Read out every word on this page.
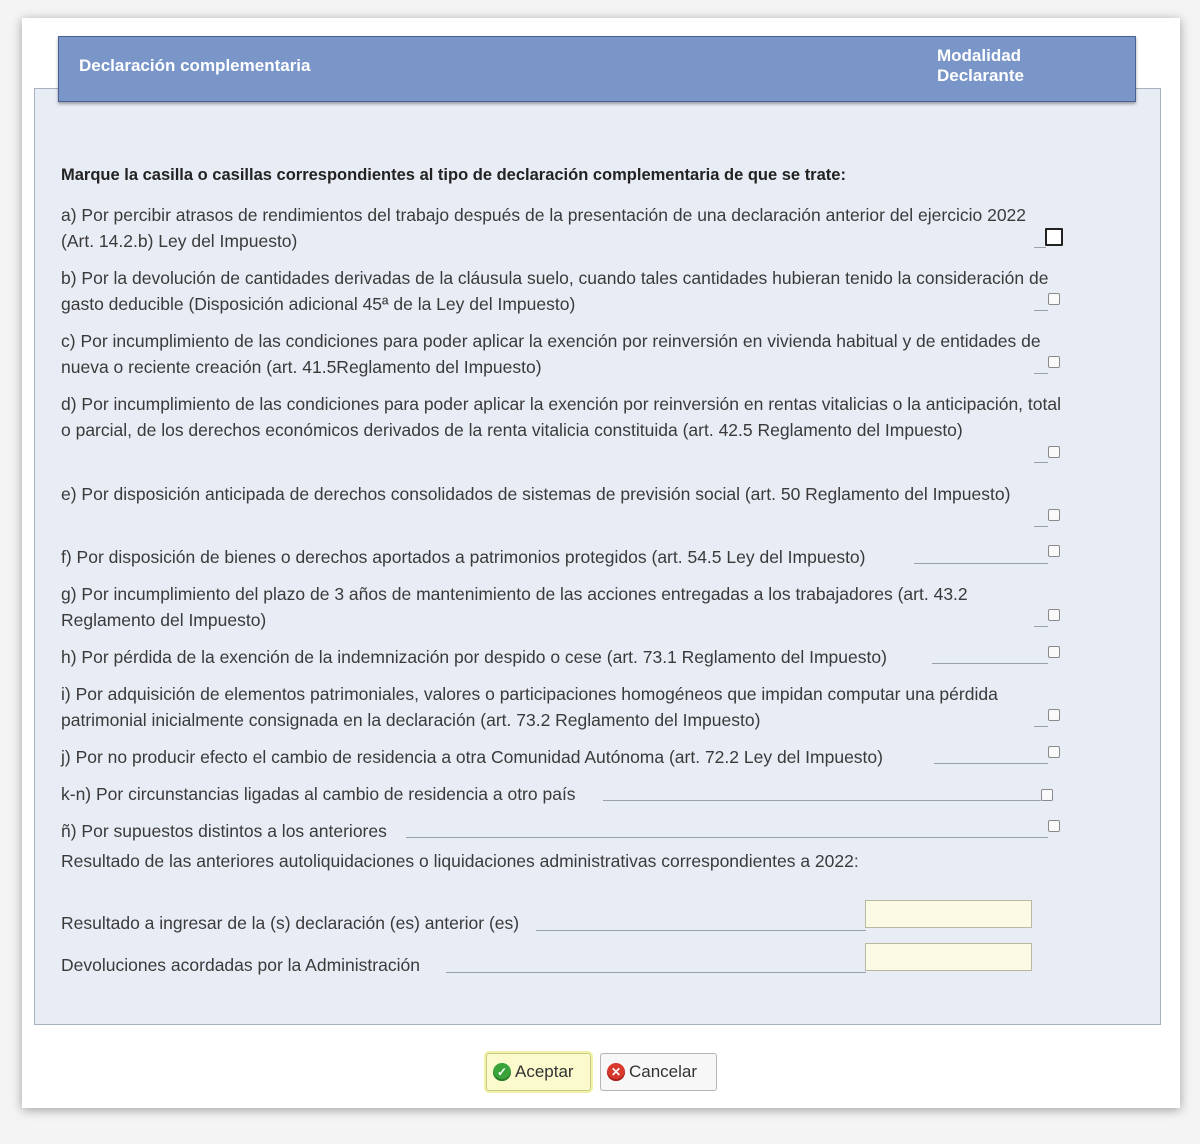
Declaración complementaria
Modalidad
Declarante
Marque la casilla o casillas correspondientes al tipo de declaración complementaria de que se trate:
a) Por percibir atrasos de rendimientos del trabajo después de la presentación de una declaración anterior del ejercicio 2022 (Art. 14.2.b) Ley del Impuesto)
b) Por la devolución de cantidades derivadas de la cláusula suelo, cuando tales cantidades hubieran tenido la consideración de gasto deducible (Disposición adicional 45ª de la Ley del Impuesto)
c) Por incumplimiento de las condiciones para poder aplicar la exención por reinversión en vivienda habitual y de entidades de nueva o reciente creación (art. 41.5Reglamento del Impuesto)
d) Por incumplimiento de las condiciones para poder aplicar la exención por reinversión en rentas vitalicias o la anticipación, total o parcial, de los derechos económicos derivados de la renta vitalicia constituida (art. 42.5 Reglamento del Impuesto)
e) Por disposición anticipada de derechos consolidados de sistemas de previsión social (art. 50 Reglamento del Impuesto)
f) Por disposición de bienes o derechos aportados a patrimonios protegidos (art. 54.5 Ley del Impuesto)
g) Por incumplimiento del plazo de 3 años de mantenimiento de las acciones entregadas a los trabajadores (art. 43.2 Reglamento del Impuesto)
h) Por pérdida de la exención de la indemnización por despido o cese (art. 73.1 Reglamento del Impuesto)
i) Por adquisición de elementos patrimoniales, valores o participaciones homogéneos que impidan computar una pérdida patrimonial inicialmente consignada en la declaración (art. 73.2 Reglamento del Impuesto)
j) Por no producir efecto el cambio de residencia a otra Comunidad Autónoma (art. 72.2 Ley del Impuesto)
k-n) Por circunstancias ligadas al cambio de residencia a otro país
ñ) Por supuestos distintos a los anteriores
Resultado de las anteriores autoliquidaciones o liquidaciones administrativas correspondientes a 2022:
Resultado a ingresar de la (s) declaración (es) anterior (es)
Devoluciones acordadas por la Administración
✓ Aceptar	✕ Cancelar
